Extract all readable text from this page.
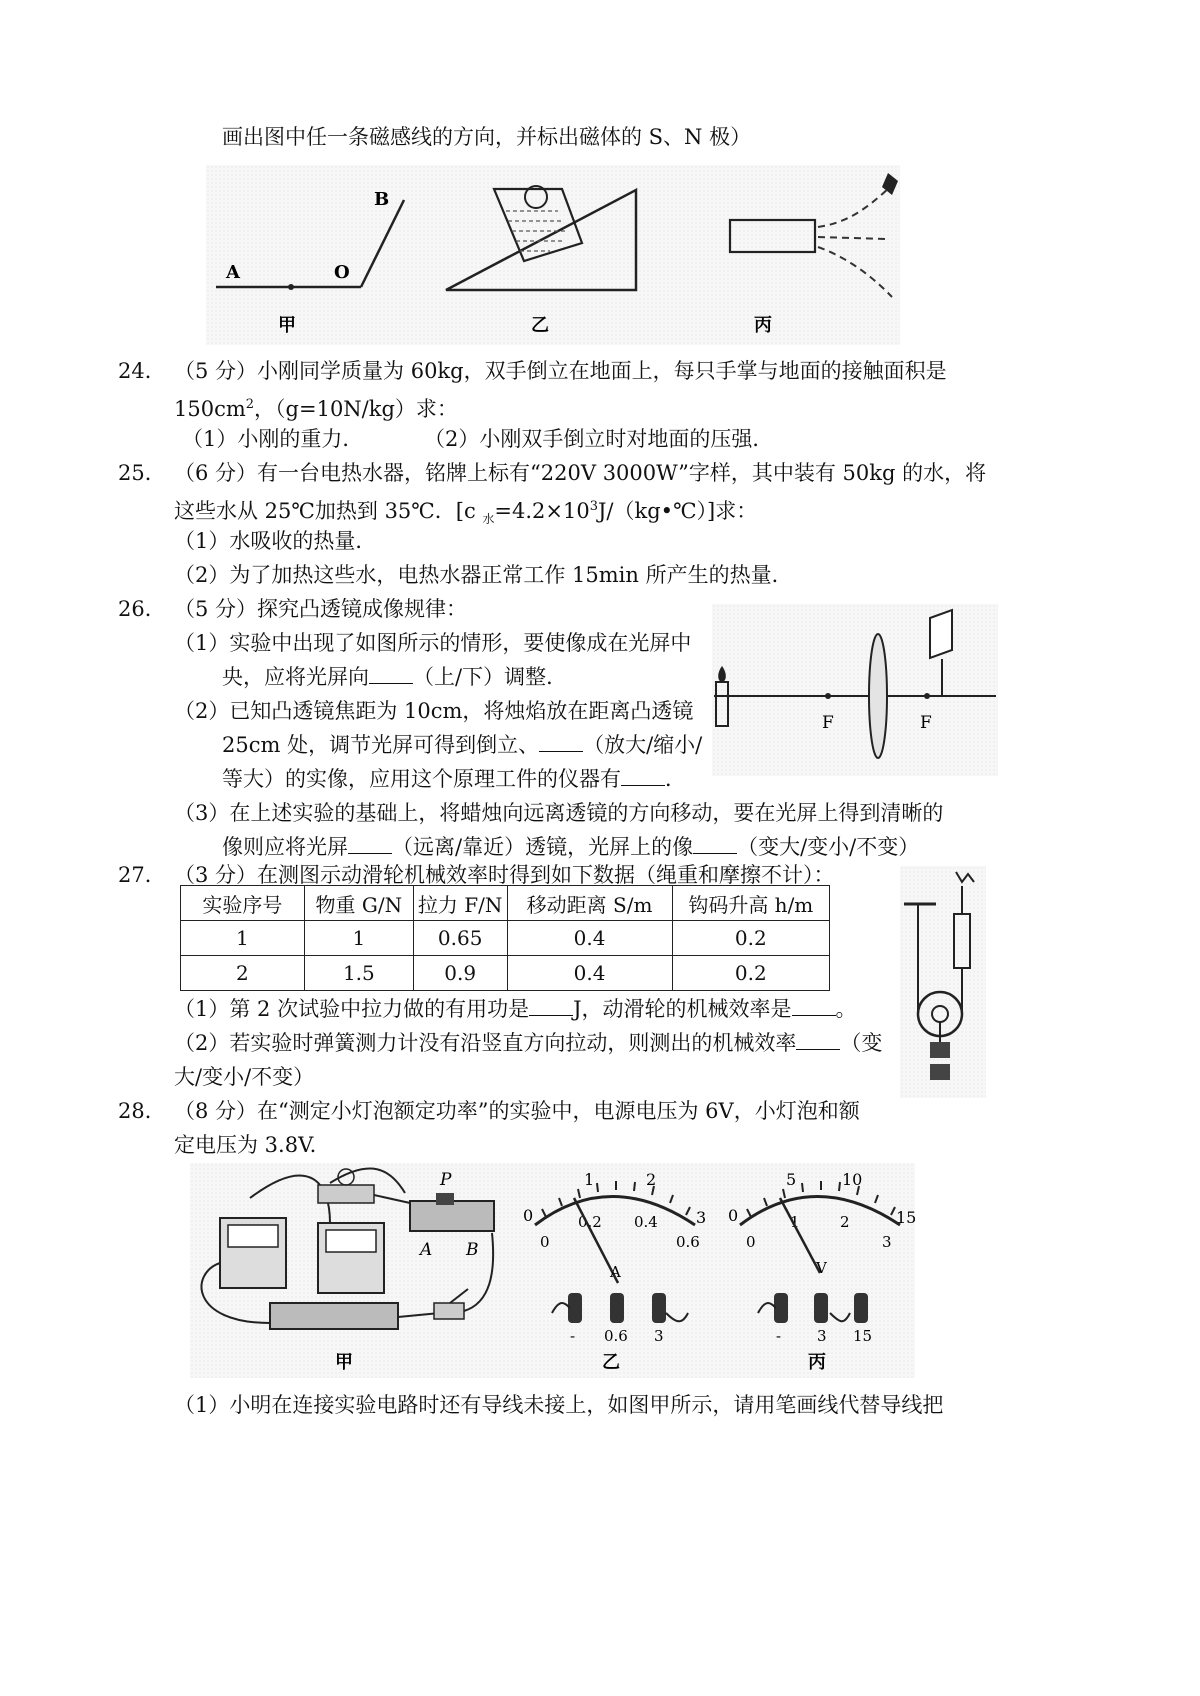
画出图中任一条磁感线的方向，并标出磁体的 S、N 极）
A	O
B
甲	乙	丙
24． （5 分）小刚同学质量为 60kg，双手倒立在地面上，每只手掌与地面的接触面积是
$150cm^2$，（g=10N/kg）求：
（1）小刚的重力．	（2）小刚双手倒立时对地面的压强．
25． （6 分）有一台电热水器，铭牌上标有“220V 3000W”字样，其中装有 50kg 的水，将
这些水从 25℃加热到 35℃．[c $_水=4.2\times 10^3J/(kg•℃)$]求：
（1）水吸收的热量．
（2）为了加热这些水，电热水器正常工作 15min 所产生的热量．
26． （5 分）探究凸透镜成像规律：
（1）实验中出现了如图所示的情形，要使像成在光屏中
央，应将光屏向 （上/下）调整．
（2）已知凸透镜焦距为 10cm，将烛焰放在距离凸透镜
25cm 处，调节光屏可得到倒立、 （放大/缩小/
等大）的实像，应用这个原理工件的仪器有 ．
（3）在上述实验的基础上，将蜡烛向远离透镜的方向移动，要在光屏上得到清晰的
像则应将光屏 （远离/靠近）透镜，光屏上的像 （变大/变小/不变）
F	F
27． （3 分）在测图示动滑轮机械效率时得到如下数据（绳重和摩擦不计）：
实验序号	物重 G/N	拉力 F/N	移动距离 S/m	钩码升高 h/m
1	1	0.65	0.4	0.2
2	1.5	0.9	0.4	0.2
（1）第 2 次试验中拉力做的有用功是 J，动滑轮的机械效率是 。
（2）若实验时弹簧测力计没有沿竖直方向拉动，则测出的机械效率 （变
大/变小/不变）
28． （8 分）在“测定小灯泡额定功率”的实验中，电源电压为 6V，小灯泡和额
定电压为 3.8V.
P
A B
甲
0
1	2
3
0
0.2 0.4
0.6
A
- 0.6 3
乙
0
5	10
15
0
1	2
3
V
- 3 15
丙
（1）小明在连接实验电路时还有导线未接上，如图甲所示，请用笔画线代替导线把
